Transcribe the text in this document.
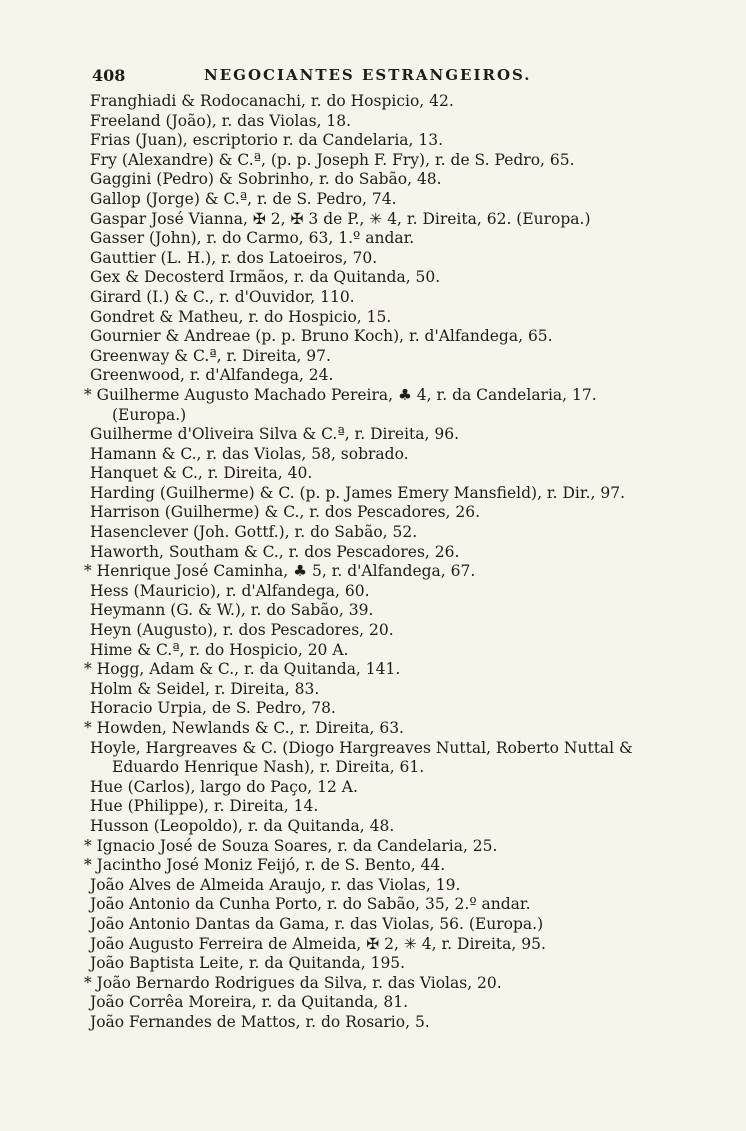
408	NEGOCIANTES ESTRANGEIROS.

Franghiadi & Rodocanachi, r. do Hospicio, 42.

Freeland (João), r. das Violas, 18.

Frias (Juan), escriptorio r. da Candelaria, 13.

Fry (Alexandre) & C.ª, (p. p. Joseph F. Fry), r. de S. Pedro, 65.

Gaggini (Pedro) & Sobrinho, r. do Sabão, 48.

Gallop (Jorge) & C.ª, r. de S. Pedro, 74.

Gaspar José Vianna, ✠ 2, ✠ 3 de P., ✳ 4, r. Direita, 62. (Europa.)

Gasser (John), r. do Carmo, 63, 1.º andar.

Gauttier (L. H.), r. dos Latoeiros, 70.

Gex & Decosterd Irmãos, r. da Quitanda, 50.

Girard (I.) & C., r. d'Ouvidor, 110.

Gondret & Matheu, r. do Hospicio, 15.

Gournier & Andreae (p. p. Bruno Koch), r. d'Alfandega, 65.

Greenway & C.ª, r. Direita, 97.

Greenwood, r. d'Alfandega, 24.

* Guilherme Augusto Machado Pereira, ♣ 4, r. da Candelaria, 17.

(Europa.)

Guilherme d'Oliveira Silva & C.ª, r. Direita, 96.

Hamann & C., r. das Violas, 58, sobrado.

Hanquet & C., r. Direita, 40.

Harding (Guilherme) & C. (p. p. James Emery Mansfield), r. Dir., 97.

Harrison (Guilherme) & C., r. dos Pescadores, 26.

Hasenclever (Joh. Gottf.), r. do Sabão, 52.

Haworth, Southam & C., r. dos Pescadores, 26.

* Henrique José Caminha, ♣ 5, r. d'Alfandega, 67.

Hess (Mauricio), r. d'Alfandega, 60.

Heymann (G. & W.), r. do Sabão, 39.

Heyn (Augusto), r. dos Pescadores, 20.

Hime & C.ª, r. do Hospicio, 20 A.

* Hogg, Adam & C., r. da Quitanda, 141.

Holm & Seidel, r. Direita, 83.

Horacio Urpia, de S. Pedro, 78.

* Howden, Newlands & C., r. Direita, 63.

Hoyle, Hargreaves & C. (Diogo Hargreaves Nuttal, Roberto Nuttal &

Eduardo Henrique Nash), r. Direita, 61.

Hue (Carlos), largo do Paço, 12 A.

Hue (Philippe), r. Direita, 14.

Husson (Leopoldo), r. da Quitanda, 48.

* Ignacio José de Souza Soares, r. da Candelaria, 25.

* Jacintho José Moniz Feijó, r. de S. Bento, 44.

João Alves de Almeida Araujo, r. das Violas, 19.

João Antonio da Cunha Porto, r. do Sabão, 35, 2.º andar.

João Antonio Dantas da Gama, r. das Violas, 56. (Europa.)

João Augusto Ferreira de Almeida, ✠ 2, ✳ 4, r. Direita, 95.

João Baptista Leite, r. da Quitanda, 195.

* João Bernardo Rodrigues da Silva, r. das Violas, 20.

João Corrêa Moreira, r. da Quitanda, 81.

João Fernandes de Mattos, r. do Rosario, 5.
